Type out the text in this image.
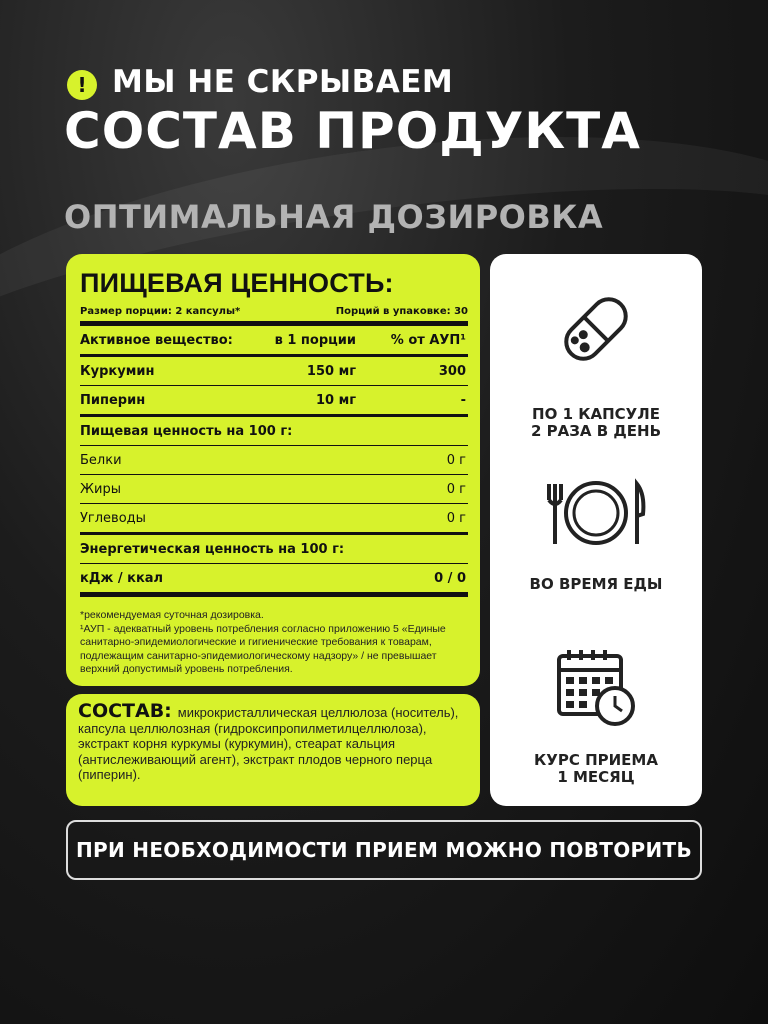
! МЫ НЕ СКРЫВАЕМ
СОСТАВ ПРОДУКТА
ОПТИМАЛЬНАЯ ДОЗИРОВКА
ПИЩЕВАЯ ЦЕННОСТЬ:
Размер порции: 2 капсулы*	Порций в упаковке: 30
Активное вещество:	в 1 порции	% от АУП¹
Куркумин	150 мг	300
Пиперин	10 мг	-
Пищевая ценность на 100 г:
Белки	0 г
Жиры	0 г
Углеводы	0 г
Энергетическая ценность на 100 г:
кДж / ккал	0 / 0
*рекомендуемая суточная дозировка.
¹АУП - адекватный уровень потребления согласно приложению 5 «Единые санитарно-эпидемиологические и гигиенические требования к товарам, подлежащим санитарно-эпидемиологическому надзору» / не превышает верхний допустимый уровень потребления.
СОСТАВ: микрокристаллическая целлюлоза (носитель), капсула целлюлозная (гидроксипропилметилцеллюлоза), экстракт корня куркумы (куркумин), стеарат кальция (антислеживающий агент), экстракт плодов черного перца (пиперин).
ПО 1 КАПСУЛЕ
2 РАЗА В ДЕНЬ
ВО ВРЕМЯ ЕДЫ
КУРС ПРИЕМА
1 МЕСЯЦ
ПРИ НЕОБХОДИМОСТИ ПРИЕМ МОЖНО ПОВТОРИТЬ
